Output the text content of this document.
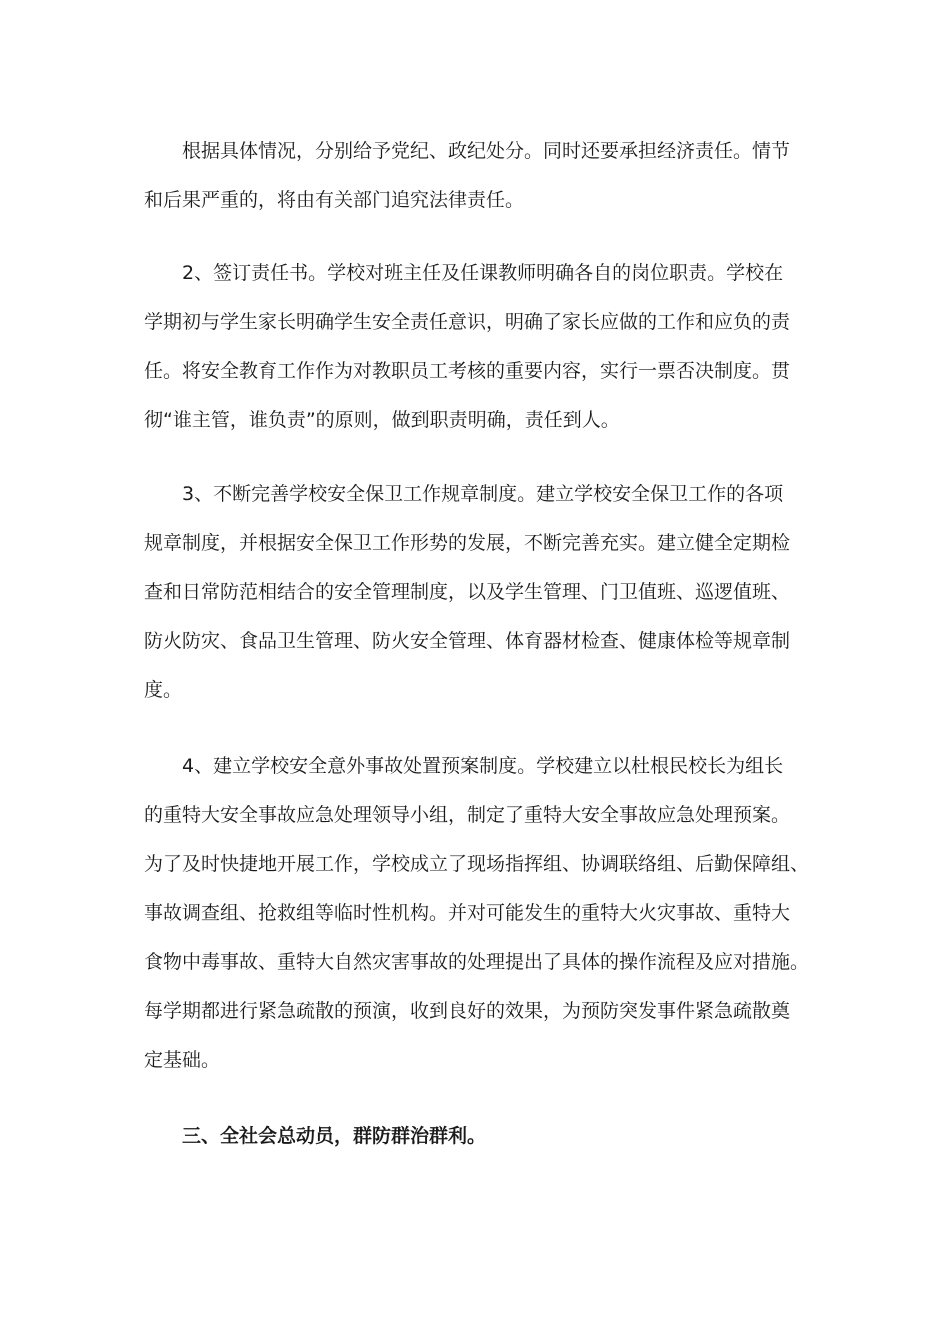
根据具体情况，分别给予党纪、政纪处分。同时还要承担经济责任。情节
和后果严重的，将由有关部门追究法律责任。
2、签订责任书。学校对班主任及任课教师明确各自的岗位职责。学校在
学期初与学生家长明确学生安全责任意识，明确了家长应做的工作和应负的责
任。将安全教育工作作为对教职员工考核的重要内容，实行一票否决制度。贯
彻“谁主管，谁负责”的原则，做到职责明确，责任到人。
3、不断完善学校安全保卫工作规章制度。建立学校安全保卫工作的各项
规章制度，并根据安全保卫工作形势的发展，不断完善充实。建立健全定期检
查和日常防范相结合的安全管理制度，以及学生管理、门卫值班、巡逻值班、
防火防灾、食品卫生管理、防火安全管理、体育器材检查、健康体检等规章制
度。
4、建立学校安全意外事故处置预案制度。学校建立以杜根民校长为组长
的重特大安全事故应急处理领导小组，制定了重特大安全事故应急处理预案。
为了及时快捷地开展工作，学校成立了现场指挥组、协调联络组、后勤保障组、
事故调查组、抢救组等临时性机构。并对可能发生的重特大火灾事故、重特大
食物中毒事故、重特大自然灾害事故的处理提出了具体的操作流程及应对措施。
每学期都进行紧急疏散的预演，收到良好的效果，为预防突发事件紧急疏散奠
定基础。
三、全社会总动员，群防群治群利。
